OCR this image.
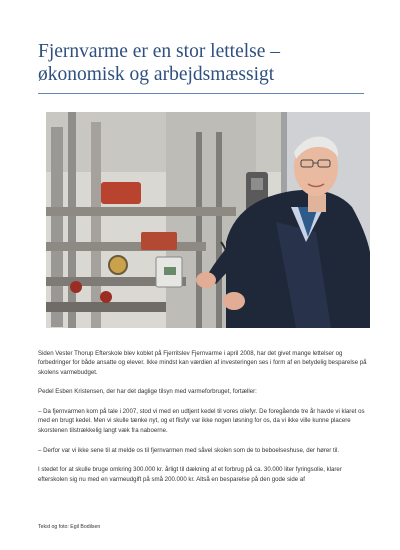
Fjernvarme er en stor lettelse –
økonomisk og arbejdsmæssigt

Siden Vester Thorup Efterskole blev koblet på Fjerritslev Fjernvarme i april 2008, har det givet mange lettelser og forbedringer for både ansatte og elever. Ikke mindst kan værdien af investeringen ses i form af en betydelig besparelse på skolens varmebudget.

Pedel Esben Kristensen, der har det daglige tilsyn med varmeforbruget, fortæller:

– Da fjernvarmen kom på tale i 2007, stod vi med en udtjent kedel til vores oliefyr. De foregående tre år havde vi klaret os med en brugt kedel. Men vi skulle tænke nyt, og et flisfyr var ikke nogen løsning for os, da vi ikke ville kunne placere skorstenen tilstrækkelig langt væk fra naboerne.

– Derfor var vi ikke sene til at melde os til fjernvarmen med såvel skolen som de to beboelseshuse, der hører til.

I stedet for at skulle bruge omkring 300.000 kr. årligt til dækning af et forbrug på ca. 30.000 liter fyringsolie, klarer efterskolen sig nu med en varmeudgift på små 200.000 kr. Altså en besparelse på den gode side af

Tekst og foto: Egil Bodilsen
